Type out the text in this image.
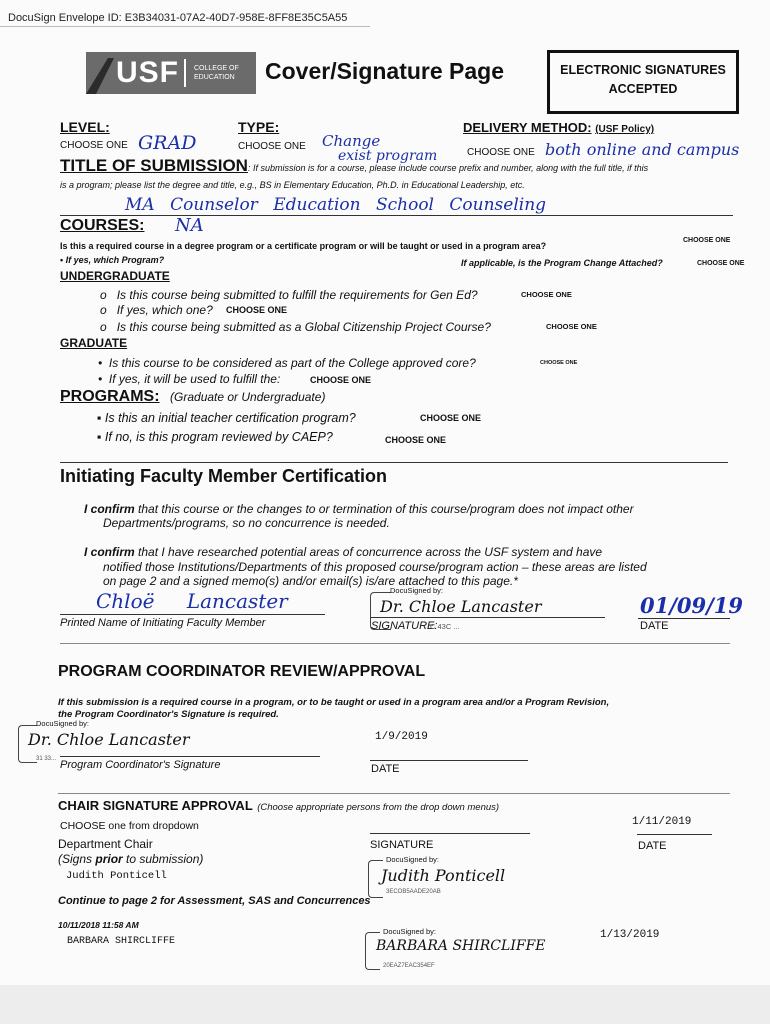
DocuSign Envelope ID: E3B34031-07A2-40D7-958E-8FF8E35C5A55
USF COLLEGE OF
EDUCATION Cover/Signature Page	ELECTRONIC SIGNATURES
ACCEPTED
LEVEL:
CHOOSE ONE GRAD
TYPE:
CHOOSE ONE Change
exist program
DELIVERY METHOD: (USF Policy)
CHOOSE ONE both online and campus
TITLE OF SUBMISSION: If submission is for a course, please include course prefix and number, along with the full title, if this
is a program; please list the degree and title, e.g., BS in Elementary Education, Ph.D. in Educational Leadership, etc.
MA Counselor Education School Counseling
COURSES: NA
Is this a required course in a degree program or a certificate program or will be taught or used in a program area?
CHOOSE ONE
• If yes, which Program?	If applicable, is the Program Change Attached?	CHOOSE ONE
UNDERGRADUATE
o   Is this course being submitted to fulfill the requirements for Gen Ed?	CHOOSE ONE
o   If yes, which one? CHOOSE ONE
o   Is this course being submitted as a Global Citizenship Project Course?	CHOOSE ONE
GRADUATE
•  Is this course to be considered as part of the College approved core?	CHOOSE ONE
•  If yes, it will be used to fulfill the:	CHOOSE ONE
PROGRAMS: (Graduate or Undergraduate)
▪ Is this an initial teacher certification program?	CHOOSE ONE
▪ If no, is this program reviewed by CAEP?	CHOOSE ONE
Initiating Faculty Member Certification
I confirm that this course or the changes to or termination of this course/program does not impact other
Departments/programs, so no concurrence is needed.
I confirm that I have researched potential areas of concurrence across the USF system and have
notified those Institutions/Departments of this proposed course/program action – these areas are listed
on page 2 and a signed memo(s) and/or email(s) is/are attached to this page.*
Chloë Lancaster
Printed Name of Initiating Faculty Member
DocuSigned by:
Dr. Chloe Lancaster
SIGNATURE:
C 43C ...
01/09/19
DATE
PROGRAM COORDINATOR REVIEW/APPROVAL
If this submission is a required course in a program, or to be taught or used in a program area and/or a Program Revision,
the Program Coordinator's Signature is required.
DocuSigned by:
Dr. Chloe Lancaster
31 33... Program Coordinator's Signature
1/9/2019
DATE
CHAIR SIGNATURE APPROVAL (Choose appropriate persons from the drop down menus)
CHOOSE one from dropdown	1/11/2019
Department Chair
(Signs prior to submission)
SIGNATURE	DATE
Judith Ponticell
DocuSigned by:
Judith Ponticell
3ECOB5AADE20AB
Continue to page 2 for Assessment, SAS and Concurrences
10/11/2018 11:58 AM
BARBARA SHIRCLIFFE
DocuSigned by:
BARBARA SHIRCLIFFE
20EAZ7EAC354EF
1/13/2019
